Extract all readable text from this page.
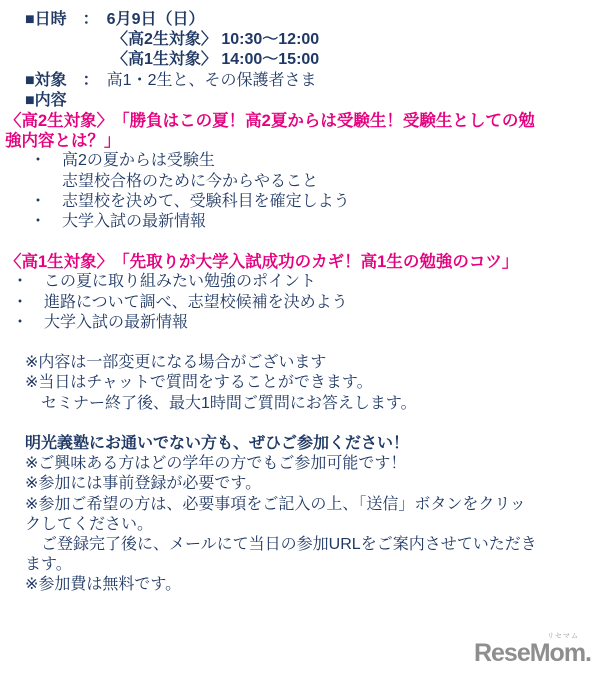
■日時　：　6月9日（日）
〈高2生対象〉 10:30～12:00
〈高1生対象〉 14:00～15:00
■対象　：　高1・2生と、その保護者さま
■内容
〈高2生対象〉　「勝負はこの夏！高2夏からは受験生！受験生としての勉
強内容とは？」
・　高2の夏からは受験生
　　志望校合格のために今からやること
・　志望校を決めて、受験科目を確定しよう
・　大学入試の最新情報
〈高1生対象〉　「先取りが大学入試成功のカギ！高1生の勉強のコツ」
・　この夏に取り組みたい勉強のポイント
・　進路について調べ、志望校候補を決めよう
・　大学入試の最新情報
※内容は一部変更になる場合がございます
※当日はチャットで質問をすることができます。
　セミナー終了後、最大1時間ご質問にお答えします。
明光義塾にお通いでない方も、ぜひご参加ください！
※ご興味ある方はどの学年の方でもご参加可能です！
※参加には事前登録が必要です。
※参加ご希望の方は、必要事項をご記入の上、「送信」ボタンをクリッ
クしてください。
　ご登録完了後に、メールにて当日の参加URLをご案内させていただき
ます。
※参加費は無料です。
リセマム
ReseMom.
